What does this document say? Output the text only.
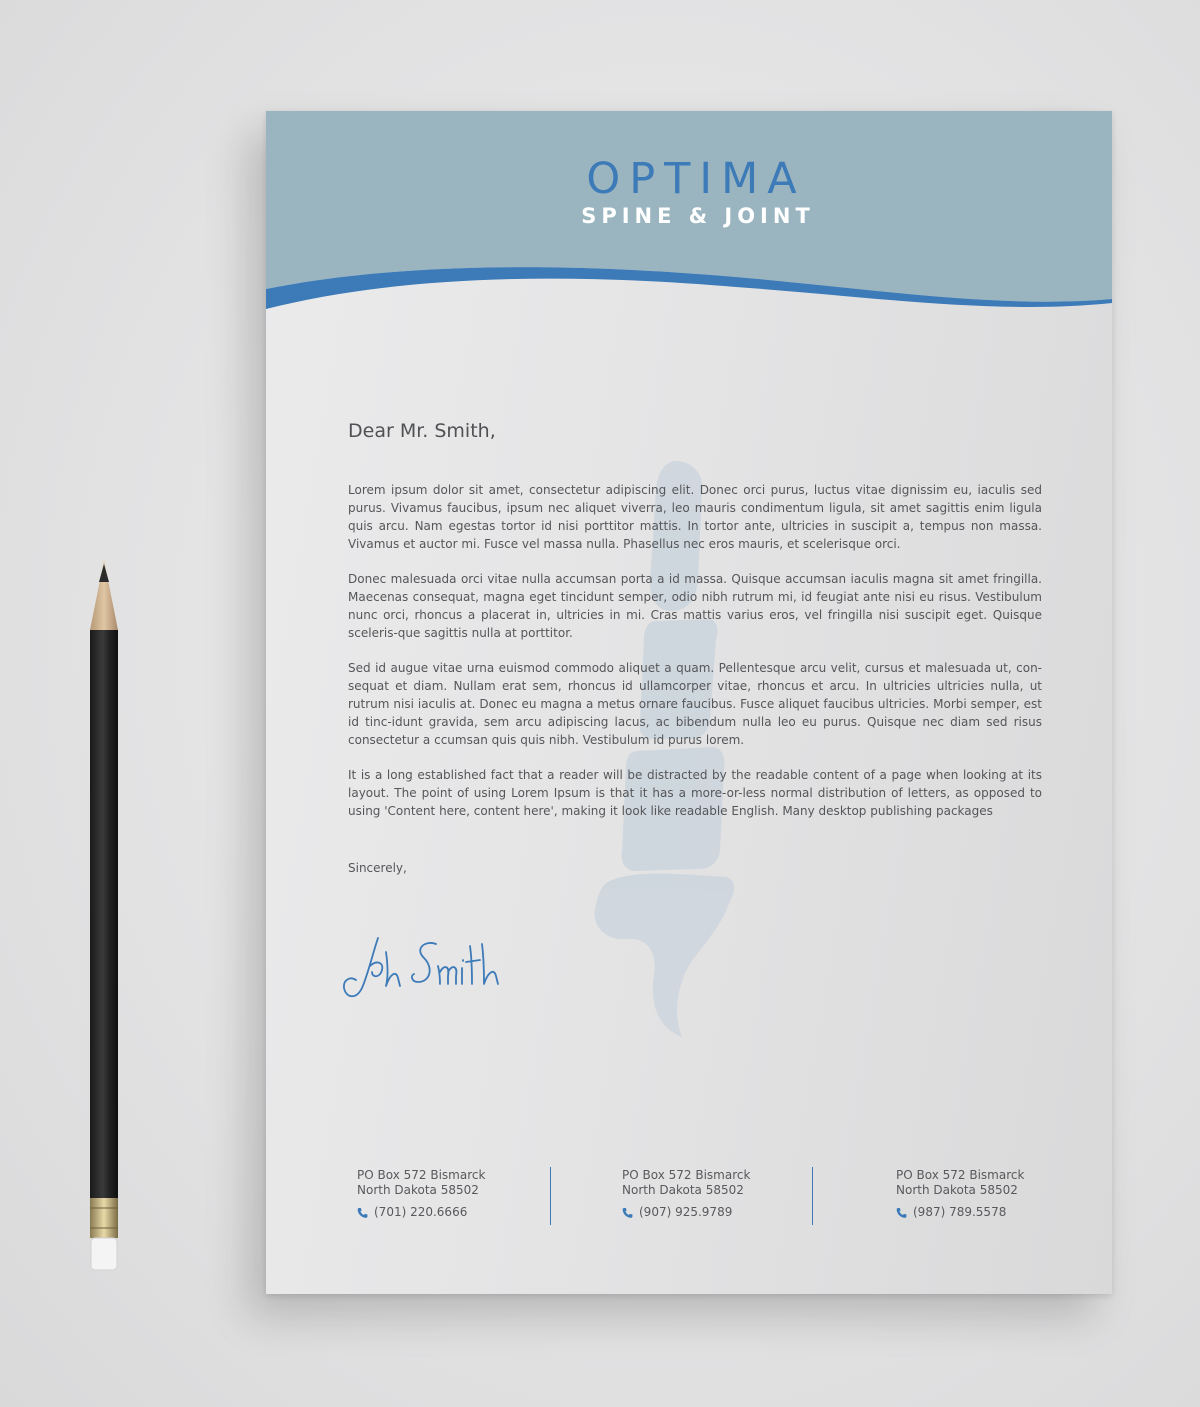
OPTIMA
SPINE & JOINT
Dear Mr. Smith,

Lorem ipsum dolor sit amet, consectetur adipiscing elit. Donec orci purus, luctus vitae dignissim eu, iaculis sed purus. Vivamus faucibus, ipsum nec aliquet viverra, leo mauris condimentum ligula, sit amet sagittis enim ligula quis arcu. Nam egestas tortor id nisi porttitor mattis. In tortor ante, ultricies in suscipit a, tempus non massa. Vivamus et auctor mi. Fusce vel massa nulla. Phasellus nec eros mauris, et scelerisque orci.

Donec malesuada orci vitae nulla accumsan porta a id massa. Quisque accumsan iaculis magna sit amet fringilla. Maecenas consequat, magna eget tincidunt semper, odio nibh rutrum mi, id feugiat ante nisi eu risus. Vestibulum nunc orci, rhoncus a placerat in, ultricies in mi. Cras mattis varius eros, vel fringilla nisi suscipit eget. Quisque sceleris-que sagittis nulla at porttitor.

Sed id augue vitae urna euismod commodo aliquet a quam. Pellentesque arcu velit, cursus et malesuada ut, con-sequat et diam. Nullam erat sem, rhoncus id ullamcorper vitae, rhoncus et arcu. In ultricies ultricies nulla, ut rutrum nisi iaculis at. Donec eu magna a metus ornare faucibus. Fusce aliquet faucibus ultricies. Morbi semper, est id tinc-idunt gravida, sem arcu adipiscing lacus, ac bibendum nulla leo eu purus. Quisque nec diam sed risus consectetur a ccumsan quis quis nibh. Vestibulum id purus lorem.

It is a long established fact that a reader will be distracted by the readable content of a page when looking at its layout. The point of using Lorem Ipsum is that it has a more-or-less normal distribution of letters, as opposed to using 'Content here, content here', making it look like readable English. Many desktop publishing packages

Sincerely,
PO Box 572 Bismarck
North Dakota 58502
(701) 220.6666
PO Box 572 Bismarck
North Dakota 58502
(907) 925.9789
PO Box 572 Bismarck
North Dakota 58502
(987) 789.5578
